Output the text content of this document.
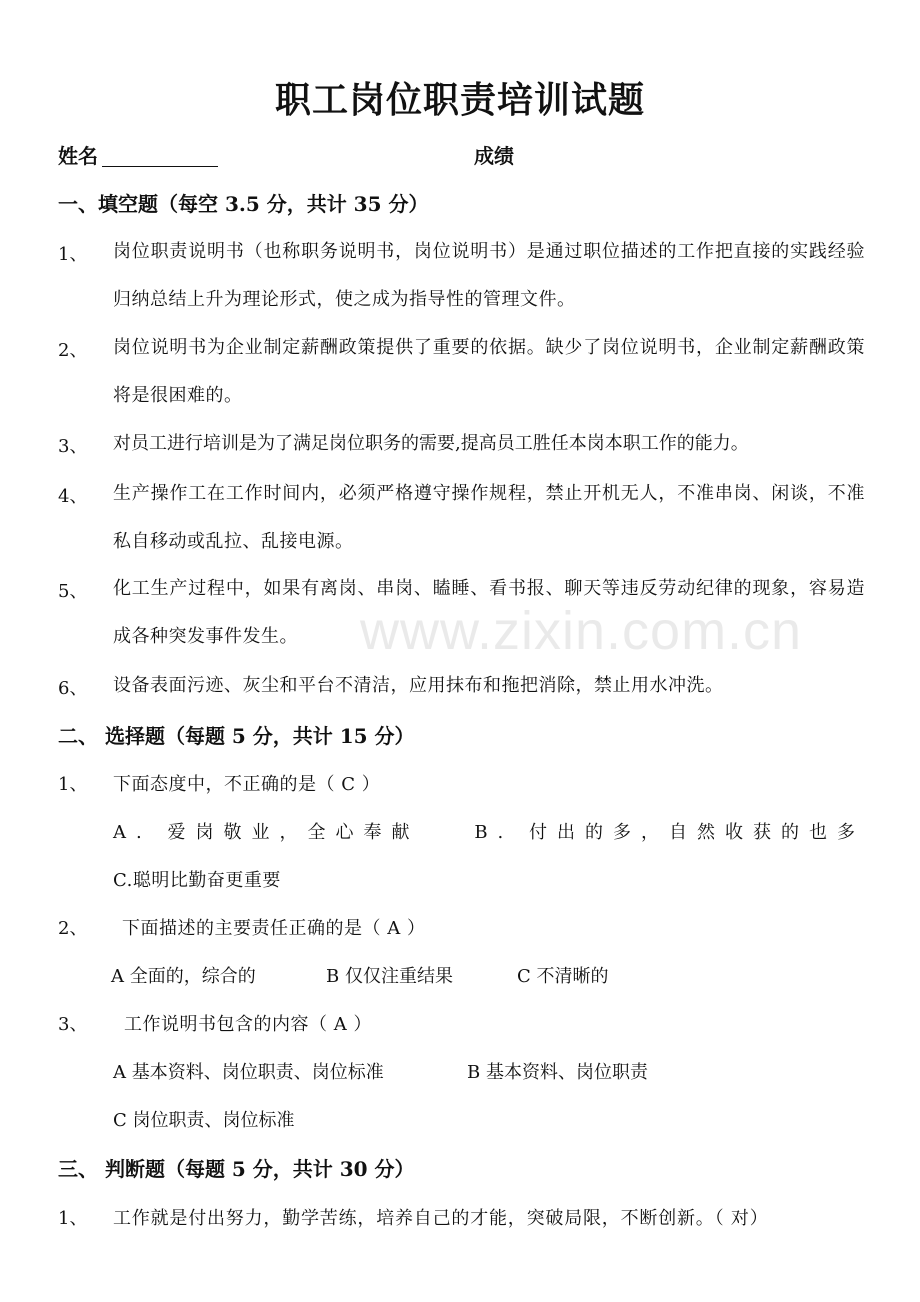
职工岗位职责培训试题
姓名	成绩
一、填空题（每空 3.5 分，共计 35 分）
1、 岗位职责说明书（也称职务说明书，岗位说明书）是通过职位描述的工作把直接的实践经验归纳总结上升为理论形式，使之成为指导性的管理文件。
2、 岗位说明书为企业制定薪酬政策提供了重要的依据。缺少了岗位说明书，企业制定薪酬政策将是很困难的。
3、 对员工进行培训是为了满足岗位职务的需要,提高员工胜任本岗本职工作的能力。
4、 生产操作工在工作时间内，必须严格遵守操作规程，禁止开机无人，不准串岗、闲谈，不准私自移动或乱拉、乱接电源。
5、 化工生产过程中，如果有离岗、串岗、瞌睡、看书报、聊天等违反劳动纪律的现象，容易造成各种突发事件发生。
6、 设备表面污迹、灰尘和平台不清洁，应用抹布和拖把消除，禁止用水冲洗。
二、 选择题（每题 5 分，共计 15 分）
1、 下面态度中，不正确的是（ C ）
A. 爱岗敬业，全心奉献	B. 付出的多，自然收获的也多
C.聪明比勤奋更重要
2、 下面描述的主要责任正确的是（ A ）
A 全面的，综合的	B 仅仅注重结果	C 不清晰的
3、 工作说明书包含的内容（ A ）
A 基本资料、岗位职责、岗位标准	B 基本资料、岗位职责
C 岗位职责、岗位标准
三、 判断题（每题 5 分，共计 30 分）
1、 工作就是付出努力，勤学苦练，培养自己的才能，突破局限，不断创新。（ 对）
www.zixin.com.cn
